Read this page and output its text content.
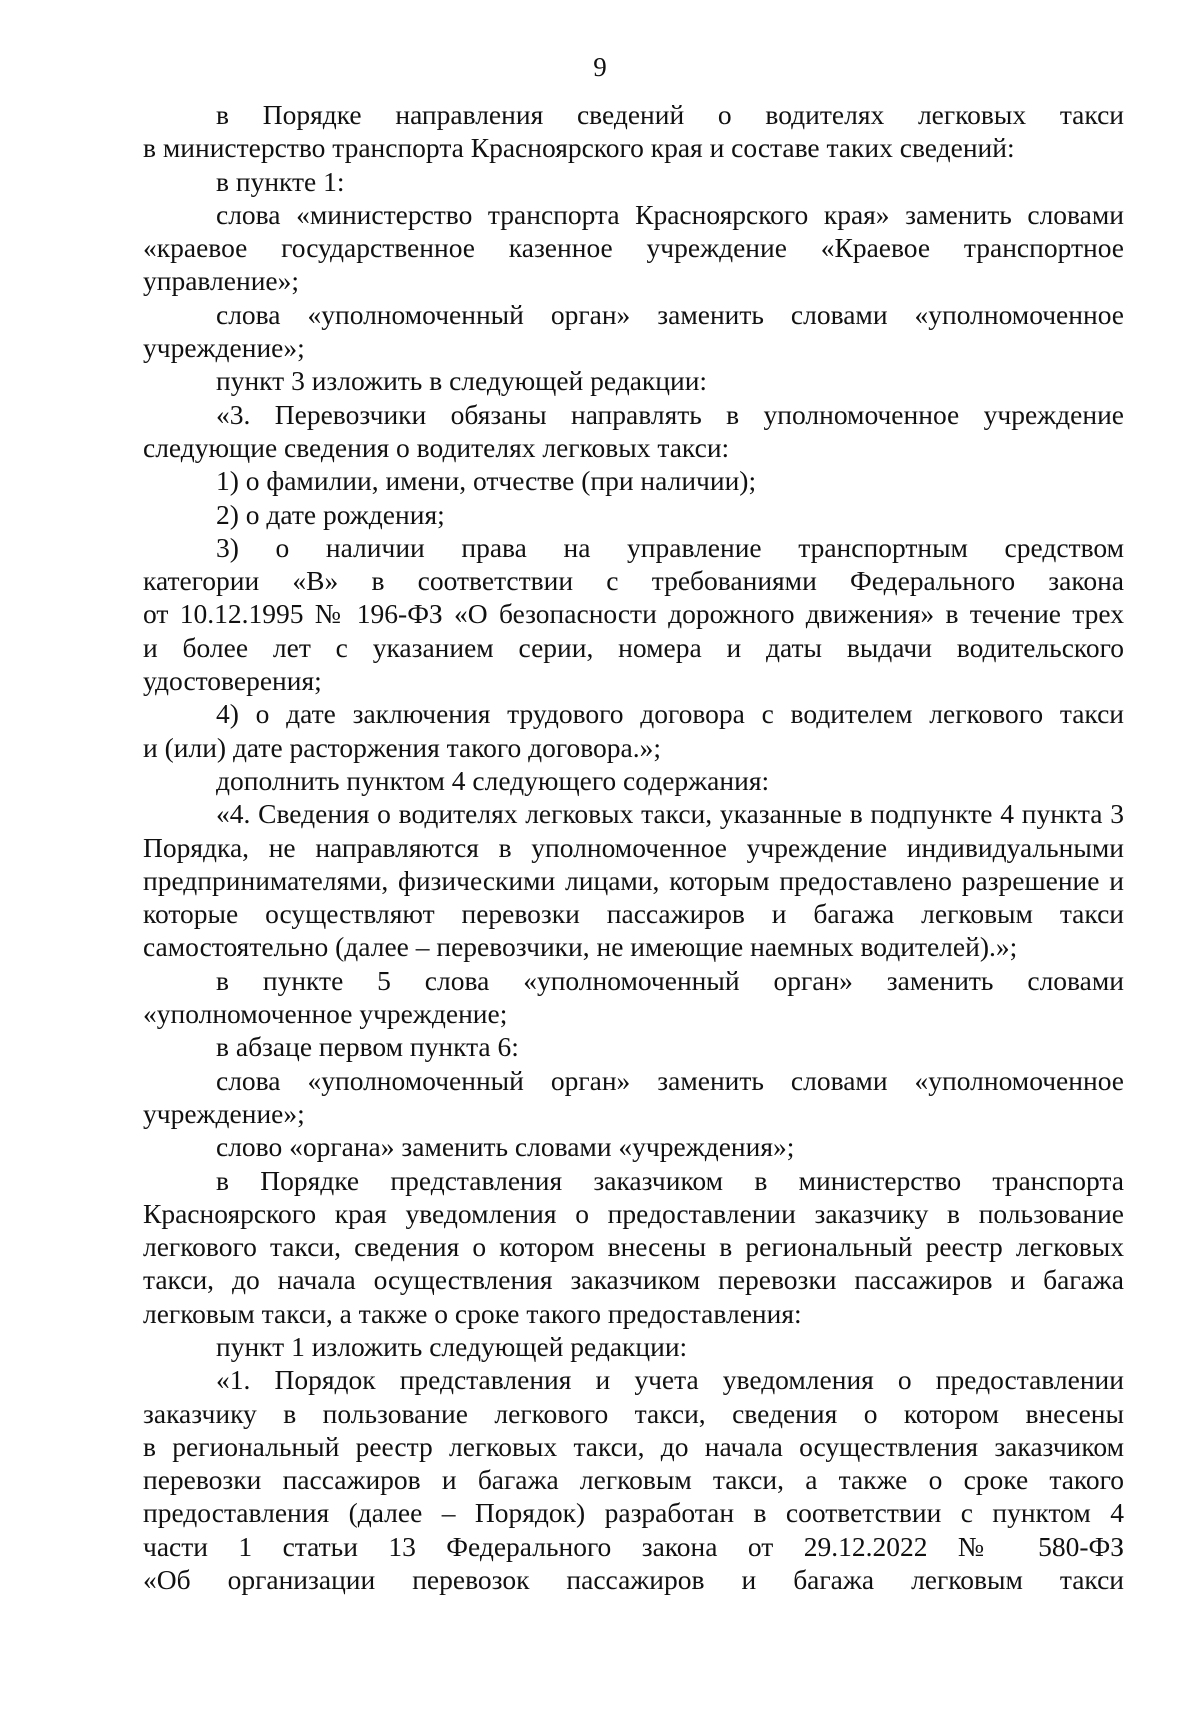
9
в Порядке направления сведений о водителях легковых такси
в министерство транспорта Красноярского края и составе таких сведений:
в пункте 1:
слова «министерство транспорта Красноярского края» заменить словами
«краевое государственное казенное учреждение «Краевое транспортное
управление»;
слова «уполномоченный орган» заменить словами «уполномоченное
учреждение»;
пункт 3 изложить в следующей редакции:
«3. Перевозчики обязаны направлять в уполномоченное учреждение
следующие сведения о водителях легковых такси:
1) о фамилии, имени, отчестве (при наличии);
2) о дате рождения;
3) о наличии права на управление транспортным средством
категории «В» в соответствии с требованиями Федерального закона
от 10.12.1995 № 196-ФЗ «О безопасности дорожного движения» в течение трех
и более лет с указанием серии, номера и даты выдачи водительского
удостоверения;
4) о дате заключения трудового договора с водителем легкового такси
и (или) дате расторжения такого договора.»;
дополнить пунктом 4 следующего содержания:
«4. Сведения о водителях легковых такси, указанные в подпункте 4 пункта 3
Порядка, не направляются в уполномоченное учреждение индивидуальными
предпринимателями, физическими лицами, которым предоставлено разрешение и
которые осуществляют перевозки пассажиров и багажа легковым такси
самостоятельно (далее – перевозчики, не имеющие наемных водителей).»;
в пункте 5 слова «уполномоченный орган» заменить словами
«уполномоченное учреждение;
в абзаце первом пункта 6:
слова «уполномоченный орган» заменить словами «уполномоченное
учреждение»;
слово «органа» заменить словами «учреждения»;
в Порядке представления заказчиком в министерство транспорта
Красноярского края уведомления о предоставлении заказчику в пользование
легкового такси, сведения о котором внесены в региональный реестр легковых
такси, до начала осуществления заказчиком перевозки пассажиров и багажа
легковым такси, а также о сроке такого предоставления:
пункт 1 изложить следующей редакции:
«1. Порядок представления и учета уведомления о предоставлении
заказчику в пользование легкового такси, сведения о котором внесены
в региональный реестр легковых такси, до начала осуществления заказчиком
перевозки пассажиров и багажа легковым такси, а также о сроке такого
предоставления (далее – Порядок) разработан в соответствии с пунктом 4
части 1 статьи 13 Федерального закона от 29.12.2022 № 580-ФЗ
«Об организации перевозок пассажиров и багажа легковым такси
